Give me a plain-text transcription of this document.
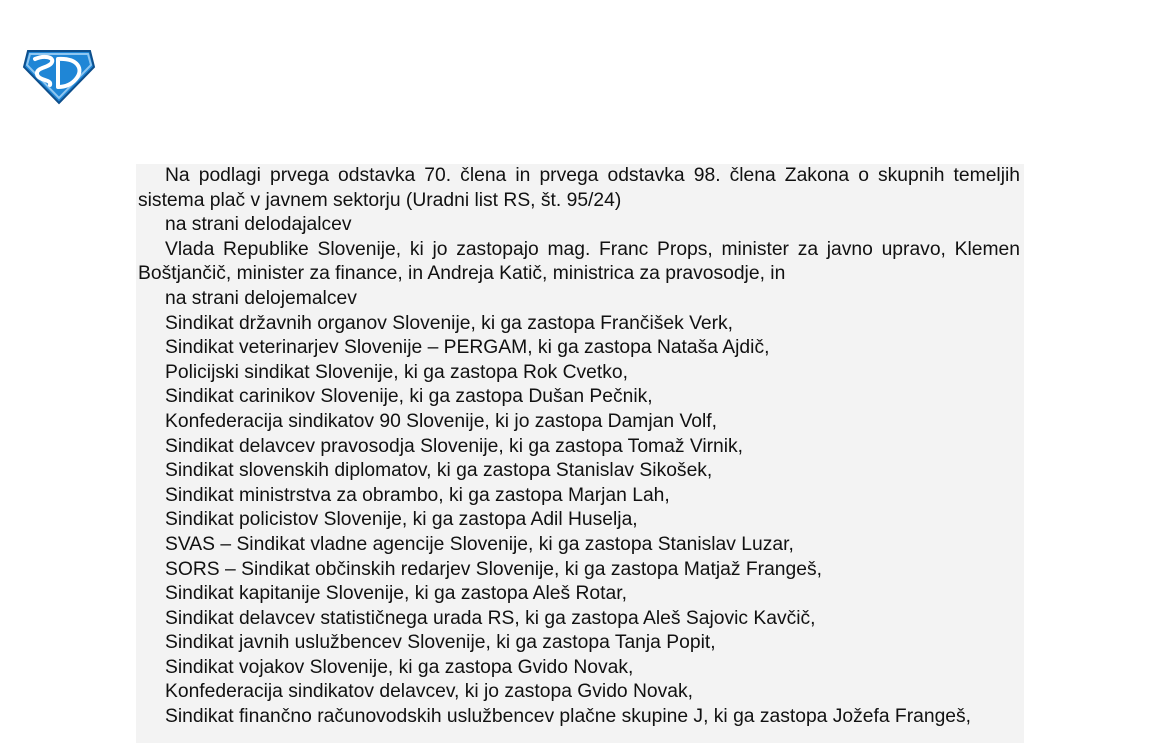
Na podlagi prvega odstavka 70. člena in prvega odstavka 98. člena Zakona o skupnih temeljih sistema plač v javnem sektorju (Uradni list RS, št. 95/24)

na strani delodajalcev

Vlada Republike Slovenije, ki jo zastopajo mag. Franc Props, minister za javno upravo, Klemen Boštjančič, minister za finance, in Andreja Katič, ministrica za pravosodje, in

na strani delojemalcev

Sindikat državnih organov Slovenije, ki ga zastopa Frančišek Verk,

Sindikat veterinarjev Slovenije – PERGAM, ki ga zastopa Nataša Ajdič,

Policijski sindikat Slovenije, ki ga zastopa Rok Cvetko,

Sindikat carinikov Slovenije, ki ga zastopa Dušan Pečnik,

Konfederacija sindikatov 90 Slovenije, ki jo zastopa Damjan Volf,

Sindikat delavcev pravosodja Slovenije, ki ga zastopa Tomaž Virnik,

Sindikat slovenskih diplomatov, ki ga zastopa Stanislav Sikošek,

Sindikat ministrstva za obrambo, ki ga zastopa Marjan Lah,

Sindikat policistov Slovenije, ki ga zastopa Adil Huselja,

SVAS – Sindikat vladne agencije Slovenije, ki ga zastopa Stanislav Luzar,

SORS – Sindikat občinskih redarjev Slovenije, ki ga zastopa Matjaž Frangeš,

Sindikat kapitanije Slovenije, ki ga zastopa Aleš Rotar,

Sindikat delavcev statističnega urada RS, ki ga zastopa Aleš Sajovic Kavčič,

Sindikat javnih uslužbencev Slovenije, ki ga zastopa Tanja Popit,

Sindikat vojakov Slovenije, ki ga zastopa Gvido Novak,

Konfederacija sindikatov delavcev, ki jo zastopa Gvido Novak,

Sindikat finančno računovodskih uslužbencev plačne skupine J, ki ga zastopa Jožefa Frangeš,
